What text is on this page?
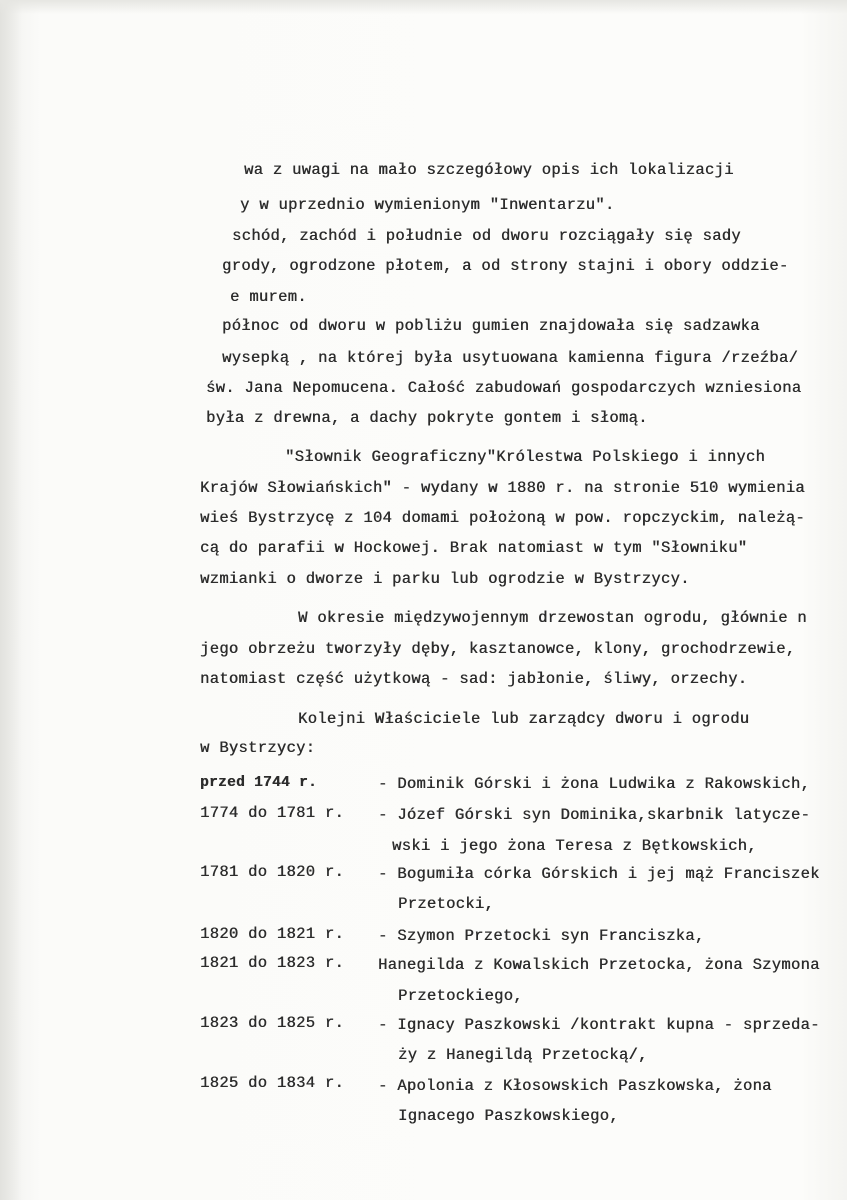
wa z uwagi na mało szczegółowy opis ich lokalizacji
y w uprzednio wymienionym "Inwentarzu".
schód, zachód i południe od dworu rozciągały się sady
grody, ogrodzone płotem, a od strony stajni i obory oddzie-
e murem.
północ od dworu w pobliżu gumien znajdowała się sadzawka
wysepką , na której była usytuowana kamienna figura /rzeźba/
św. Jana Nepomucena. Całość zabudowań gospodarczych wzniesiona
była z drewna, a dachy pokryte gontem i słomą.
"Słownik Geograficzny"Królestwa Polskiego i innych
Krajów Słowiańskich" - wydany w 1880 r. na stronie 510 wymienia
wieś Bystrzycę z 104 domami położoną w pow. ropczyckim, należą-
cą do parafii w Hockowej. Brak natomiast w tym "Słowniku"
wzmianki o dworze i parku lub ogrodzie w Bystrzycy.
W okresie międzywojennym drzewostan ogrodu, głównie n
jego obrzeżu tworzyły dęby, kasztanowce, klony, grochodrzewie,
natomiast część użytkową - sad: jabłonie, śliwy, orzechy.
Kolejni Właściciele lub zarządcy dworu i ogrodu
w Bystrzycy:
przed 1744 r.	- Dominik Górski i żona Ludwika z Rakowskich,
1774 do 1781 r. - Józef Górski syn Dominika,skarbnik latycze-
wski i jego żona Teresa z Bętkowskich,
1781 do 1820 r. - Bogumiła córka Górskich i jej mąż Franciszek
Przetocki,
1820 do 1821 r. - Szymon Przetocki syn Franciszka,
1821 do 1823 r. Hanegilda z Kowalskich Przetocka, żona Szymona
Przetockiego,
1823 do 1825 r. - Ignacy Paszkowski /kontrakt kupna - sprzeda-
ży z Hanegildą Przetocką/,
1825 do 1834 r. - Apolonia z Kłosowskich Paszkowska, żona
Ignacego Paszkowskiego,
